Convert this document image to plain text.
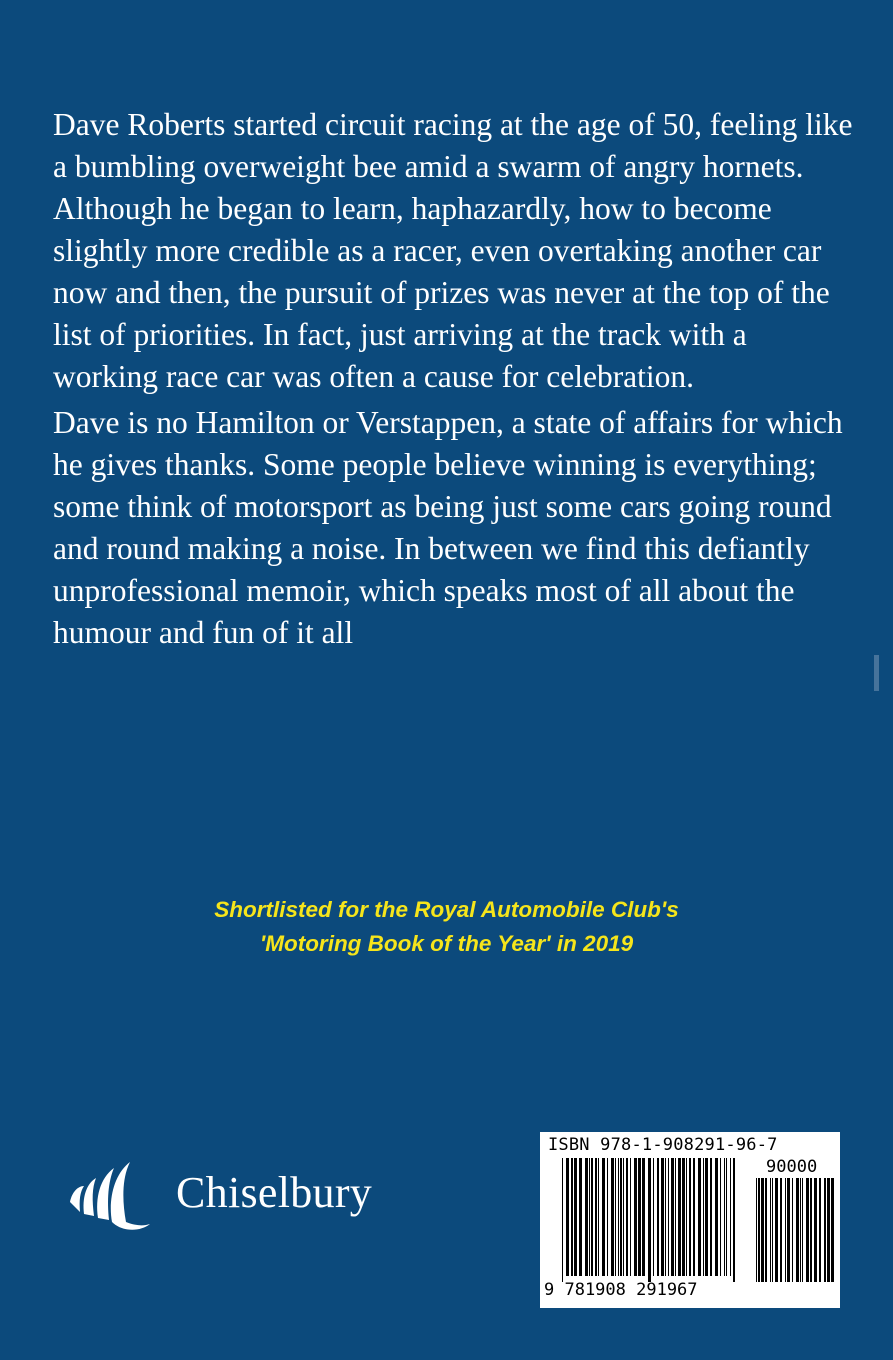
Dave Roberts started circuit racing at the age of 50, feeling like a bumbling overweight bee amid a swarm of angry hornets. Although he began to learn, haphazardly, how to become slightly more credible as a racer, even overtaking another car now and then, the pursuit of prizes was never at the top of the list of priorities. In fact, just arriving at the track with a working race car was often a cause for celebration.

Dave is no Hamilton or Verstappen, a state of affairs for which he gives thanks. Some people believe winning is everything; some think of motorsport as being just some cars going round and round making a noise. In between we find this defiantly unprofessional memoir, which speaks most of all about the humour and fun of it all

Shortlisted for the Royal Automobile Club's
'Motoring Book of the Year' in 2019
Chiselbury
ISBN 978-1-908291-96-7
90000
9 781908 291967
